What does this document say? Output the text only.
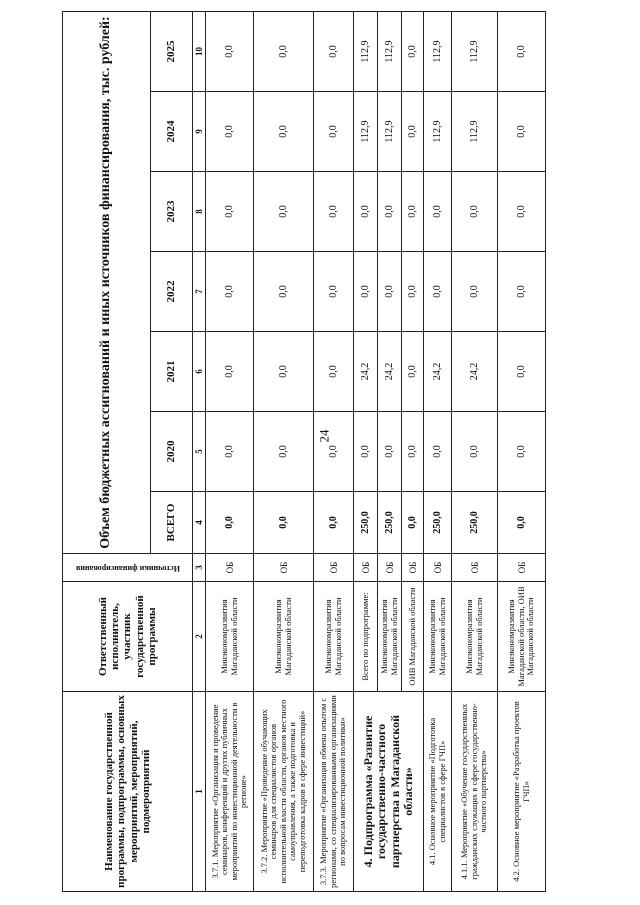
24
Наименование государственной программы, подпрограммы, основных мероприятий, мероприятий, подмероприятий	Ответственный исполнитель, участник государственной программы	Источники финансирования	Объем бюджетных ассигнований и иных источников финансирования, тыс. рублей:						
			ВСЕГО	2020	2021	2022	2023	2024	2025
1	2	3	4	5	6	7	8	9	10
3.7.1. Мероприятие «Организация и проведение семинаров, конференций и других публичных мероприятий по инвестиционной деятельности в регионе»	Минэкономразвития Магаданской области	ОБ	0,0	0,0	0,0	0,0	0,0	0,0	0,0
3.7.2. Мероприятие «Проведение обучающих семинаров для специалистов органов исполнительной власти области, органов местного самоуправления, а также подготовка и переподготовка кадров в сфере инвестиций»	Минэкономразвития Магаданской области	ОБ	0,0	0,0	0,0	0,0	0,0	0,0	0,0
3.7.3. Мероприятие «Организация обмена опытом с регионами, со специализированными организациями по вопросам инвестиционной политики»	Минэкономразвития Магаданской области	ОБ	0,0	0,0	0,0	0,0	0,0	0,0	0,0
4. Подпрограмма «Развитие государственно-частного партнерства в Магаданской области»	Всего по подпрограмме:	ОБ	250,0	0,0	24,2	0,0	0,0	112,9	112,9
	Минэкономразвития Магаданской области	ОБ	250,0	0,0	24,2	0,0	0,0	112,9	112,9
	ОИВ Магаданской области	ОБ	0,0	0,0	0,0	0,0	0,0	0,0	0,0
4.1. Основное мероприятие «Подготовка специалистов в сфере ГЧП»	Минэкономразвития Магаданской области	ОБ	250,0	0,0	24,2	0,0	0,0	112,9	112,9
4.1.1. Мероприятие «Обучение государственных гражданских служащих в сфере государственно-частного партнерства»	Минэкономразвития Магаданской области	ОБ	250,0	0,0	24,2	0,0	0,0	112,9	112,9
4.2. Основное мероприятие «Разработка проектов ГЧП»	Минэкономразвития Магаданской области, ОИВ Магаданской области	ОБ	0,0	0,0	0,0	0,0	0,0	0,0	0,0
